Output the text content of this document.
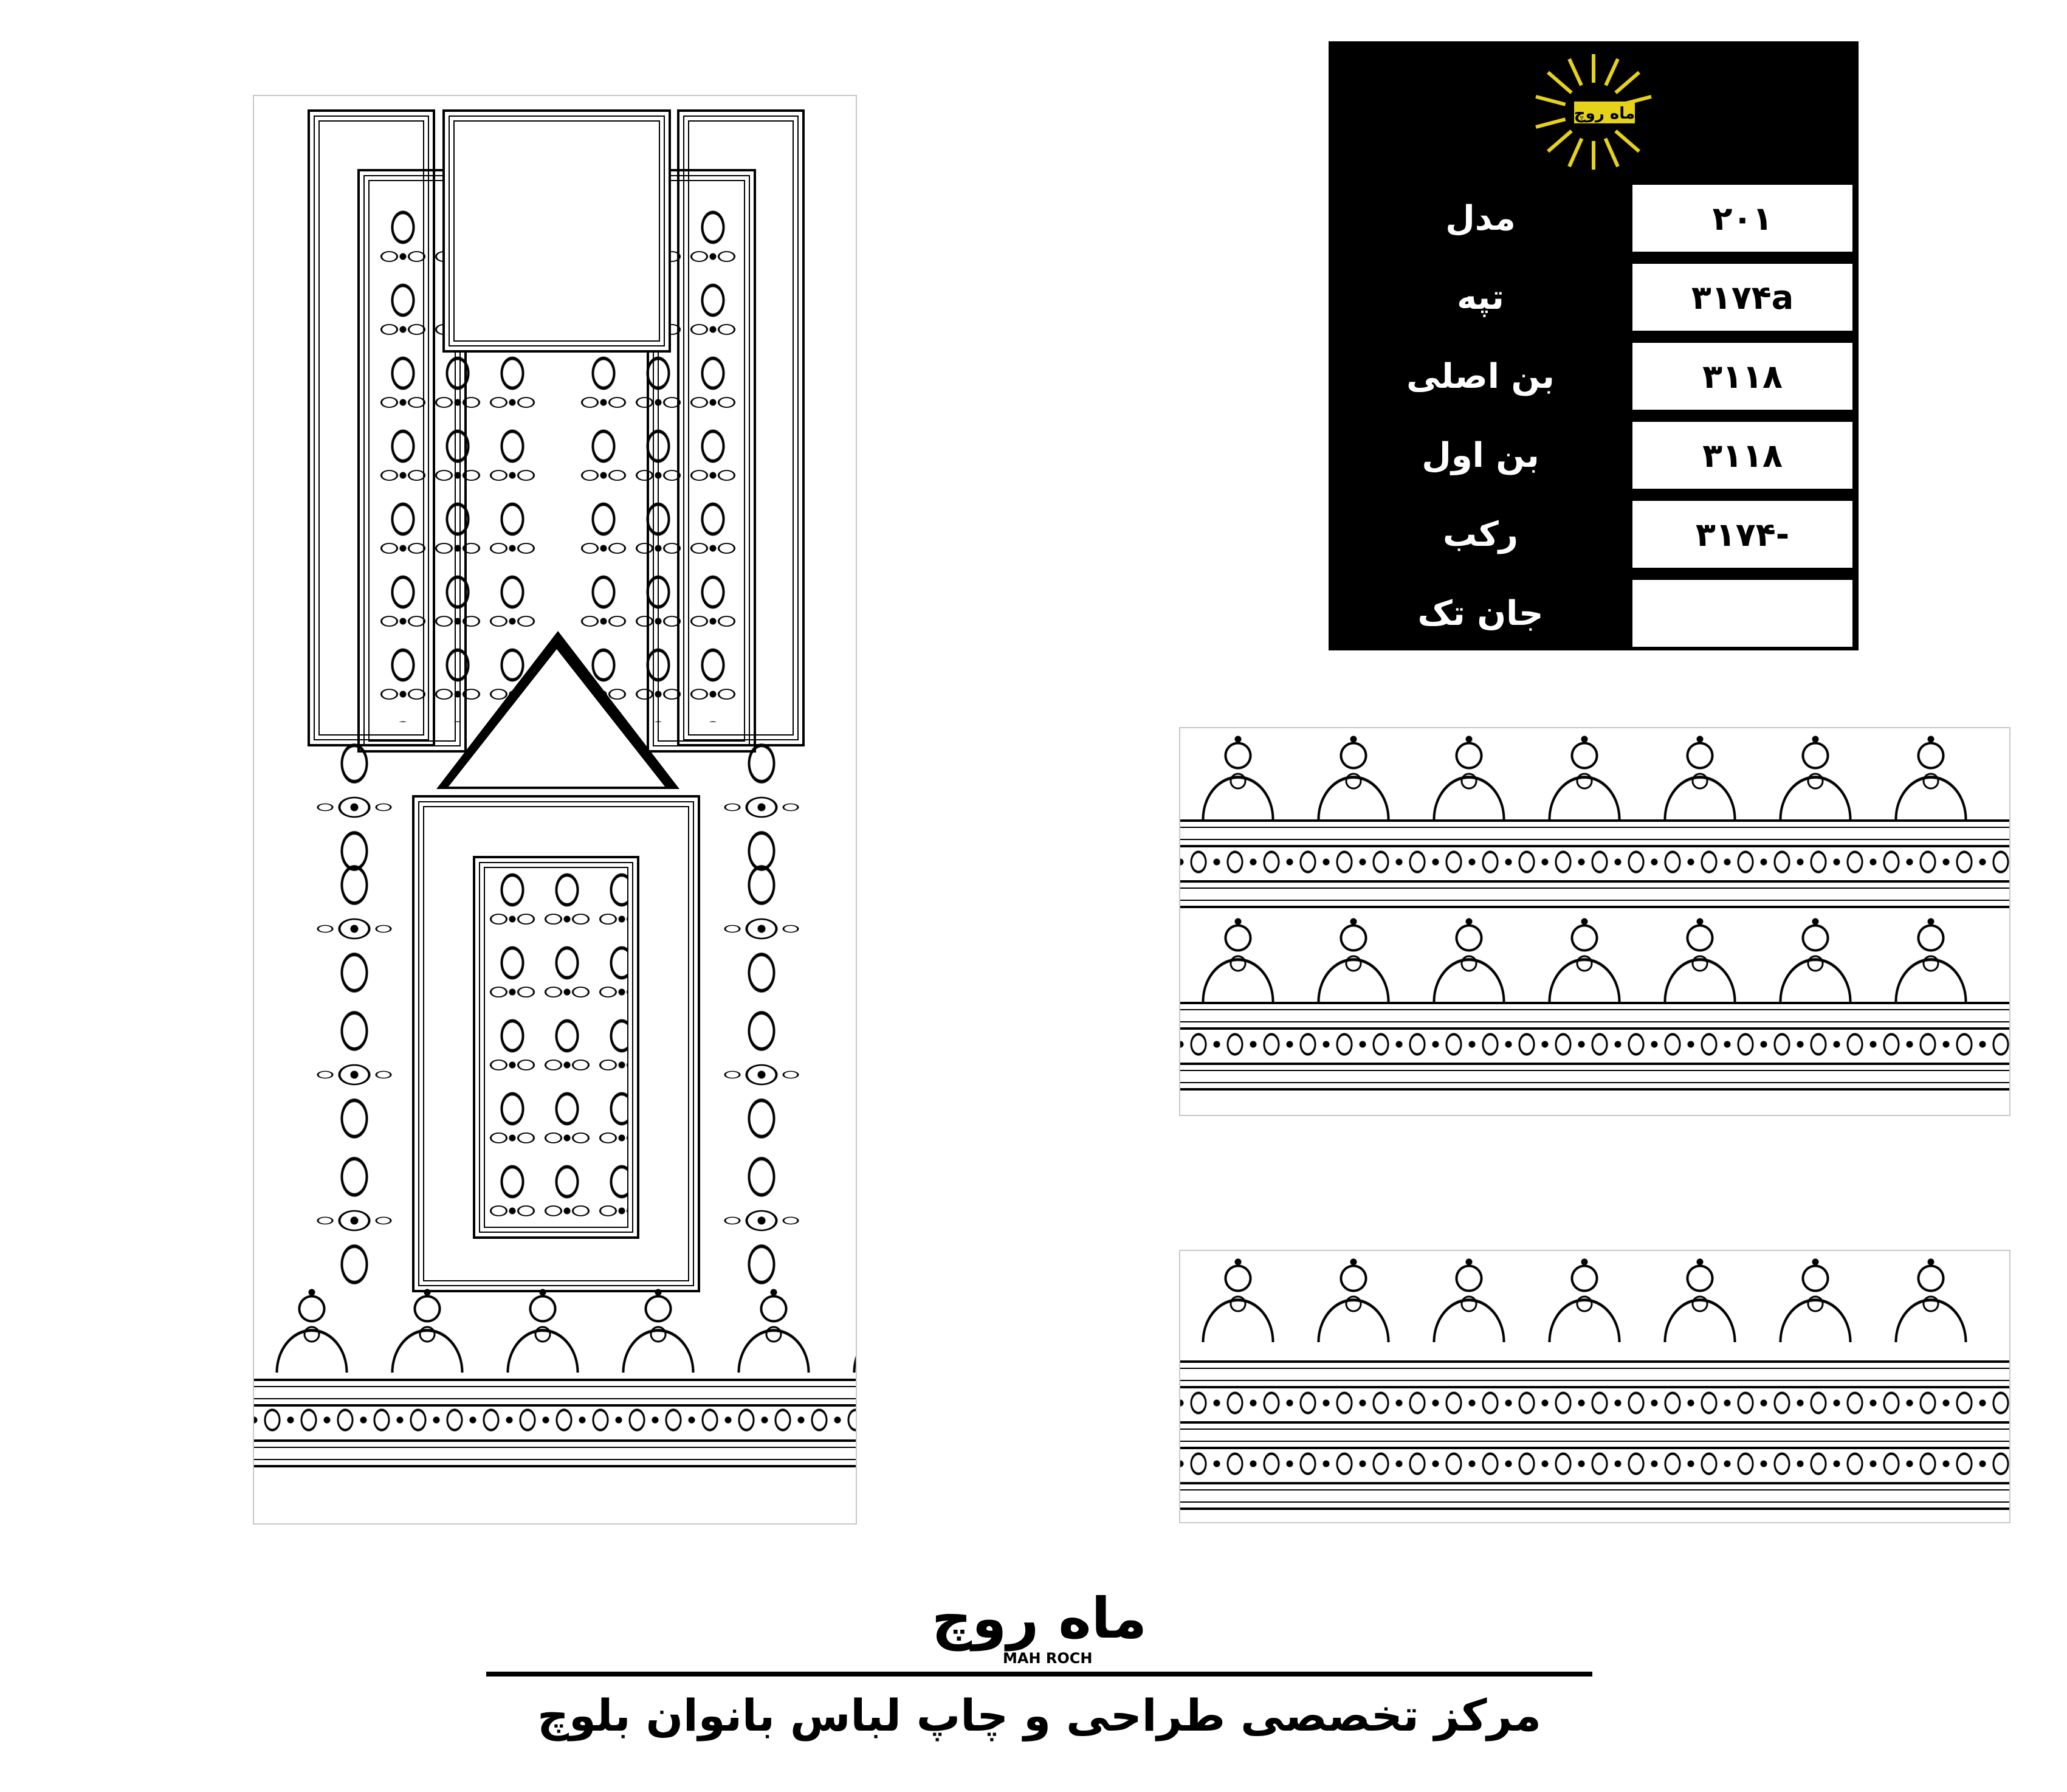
ماه روچ
مدل	۲۰۱
تپه	۳۱۷۴a
بن اصلی	۳۱۱۸
بن اول	۳۱۱۸
رکب	۳۱۷۴-
جان تک
ماه روچ
MAH ROCH
مرکز تخصصی طراحی و چاپ لباس بانوان بلوچ
